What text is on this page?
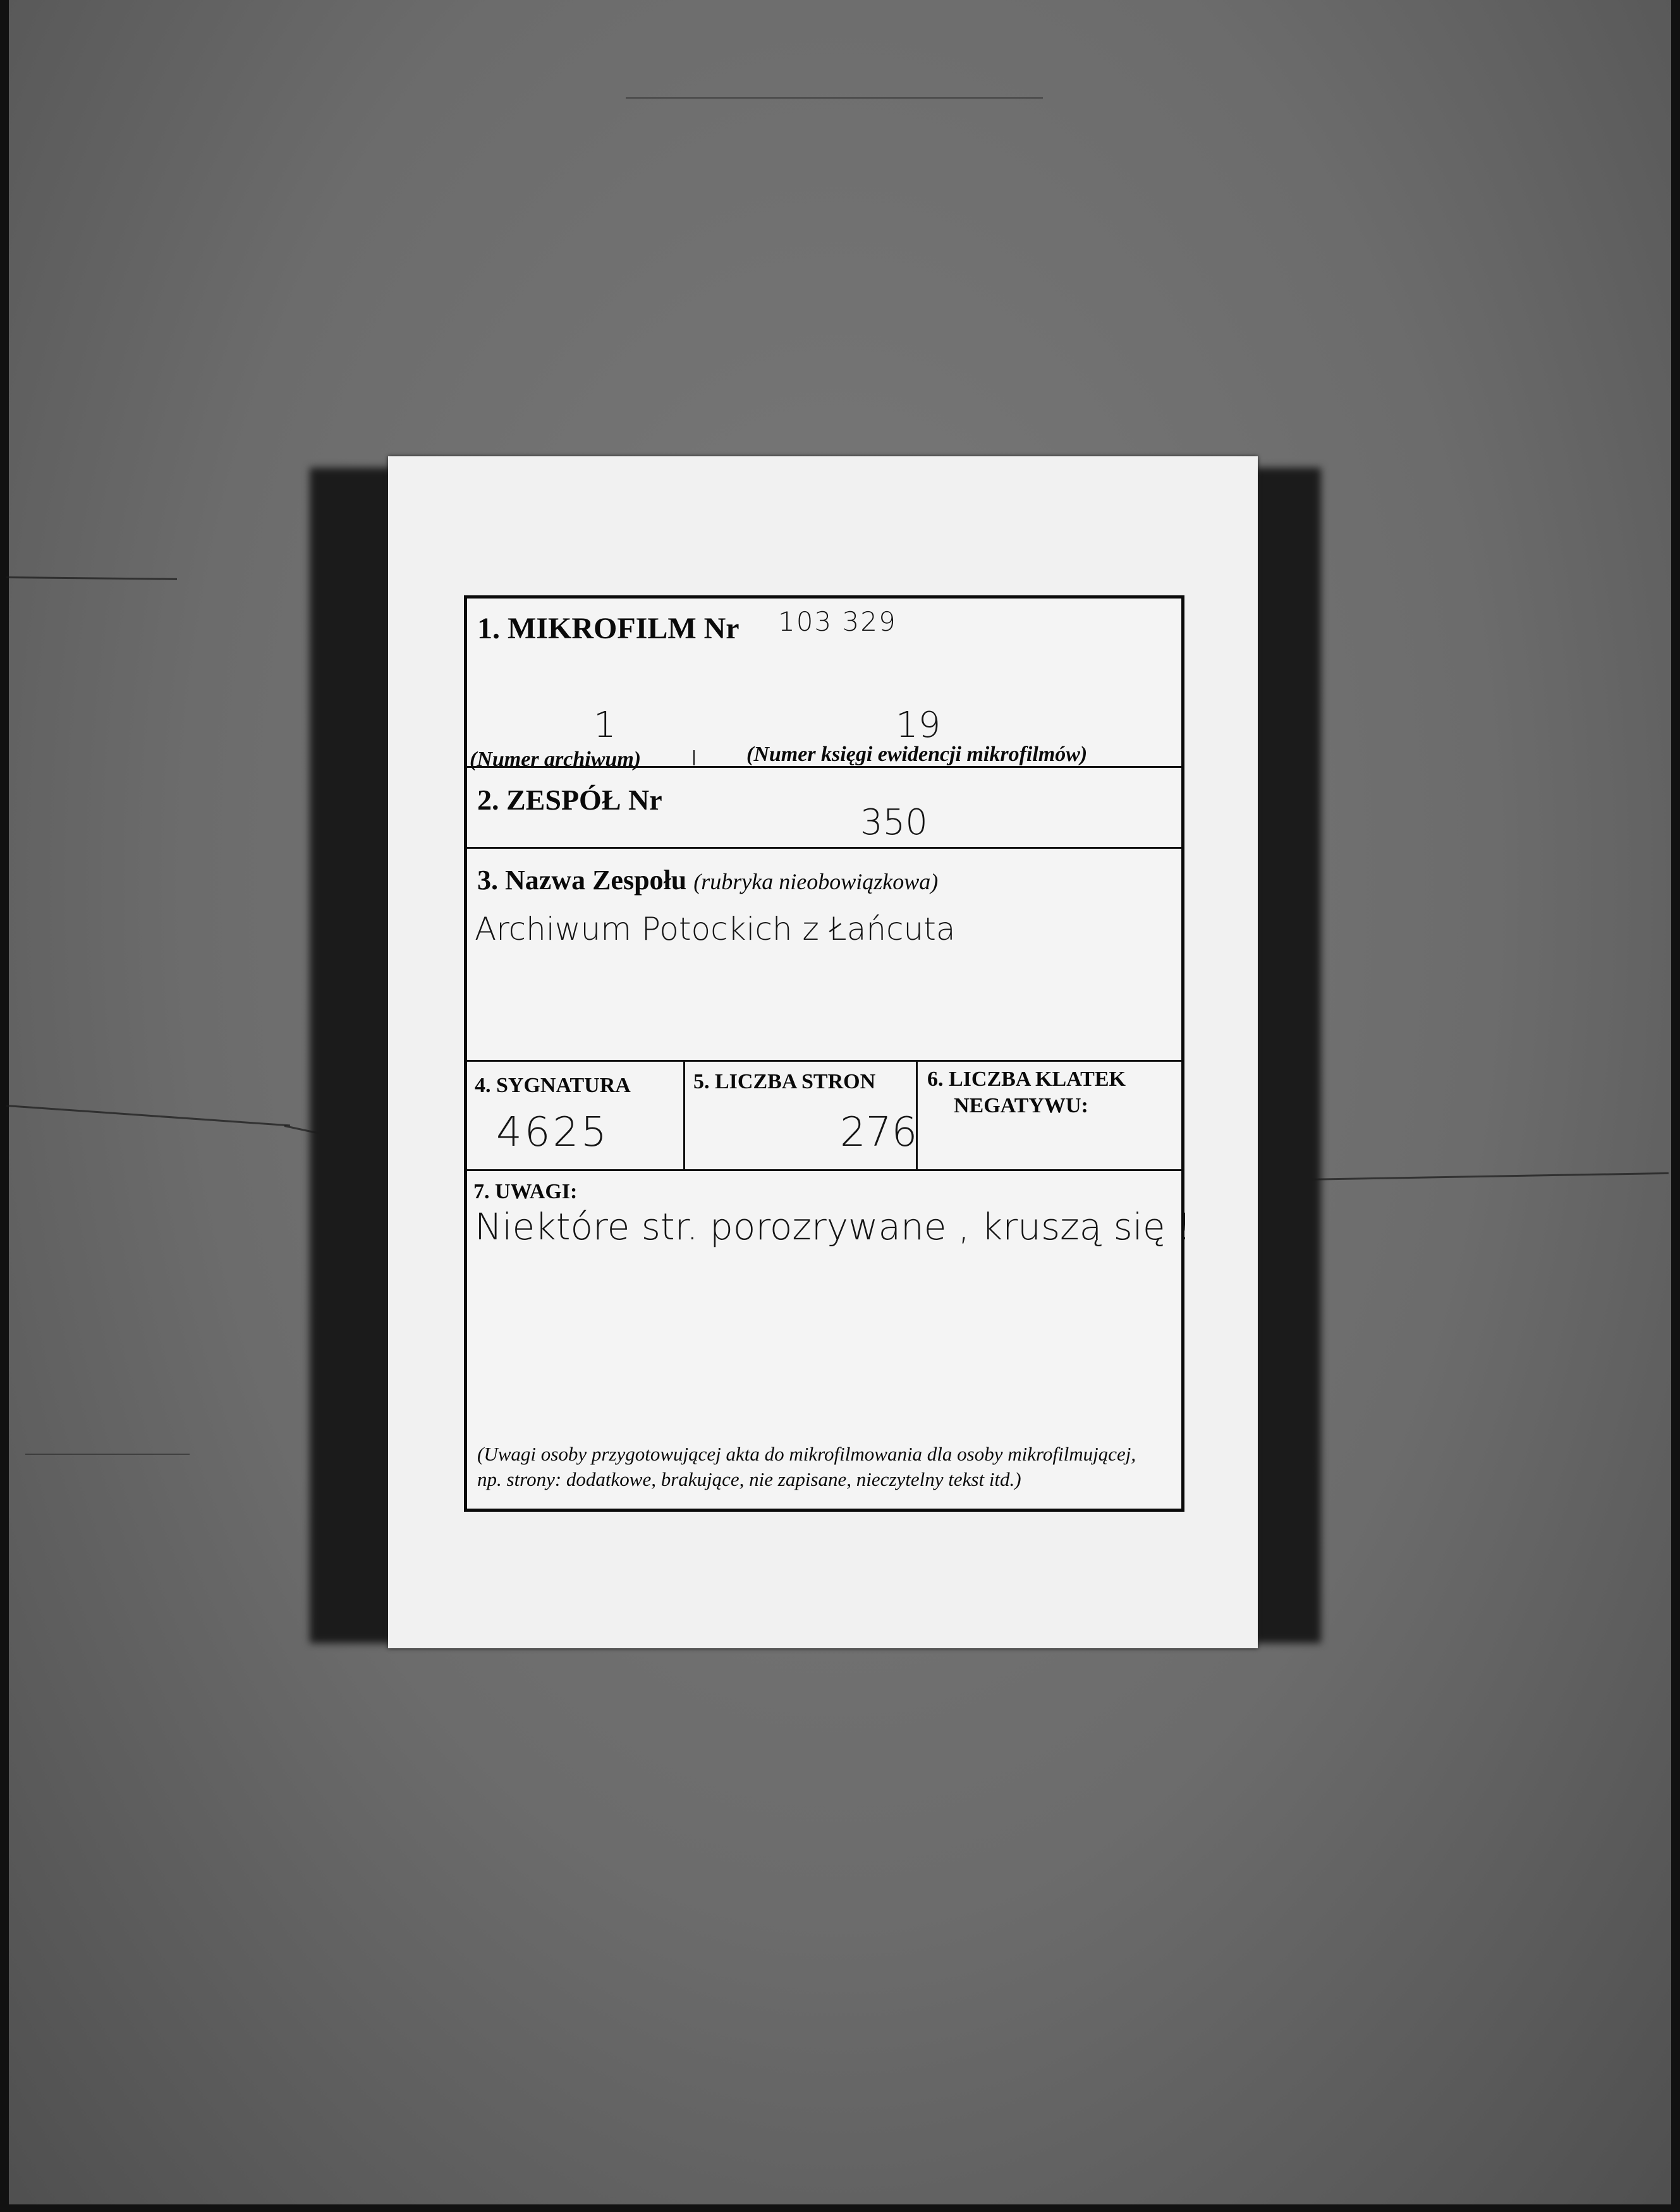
1. MIKROFILM Nr 103 329
1
(Numer archiwum)
19
(Numer księgi ewidencji mikrofilmów)
2. ZESPÓŁ Nr
350
3. Nazwa Zespołu (rubryka nieobowiązkowa)
Archiwum Potockich z Łańcuta
4. SYGNATURA
4625
5. LICZBA STRON
276
6. LICZBA KLATEK
NEGATYWU:
7. UWAGI:
Niektóre str. porozrywane , kruszą się !
(Uwagi osoby przygotowującej akta do mikrofilmowania dla osoby mikrofilmującej,
np. strony: dodatkowe, brakujące, nie zapisane, nieczytelny tekst itd.)
